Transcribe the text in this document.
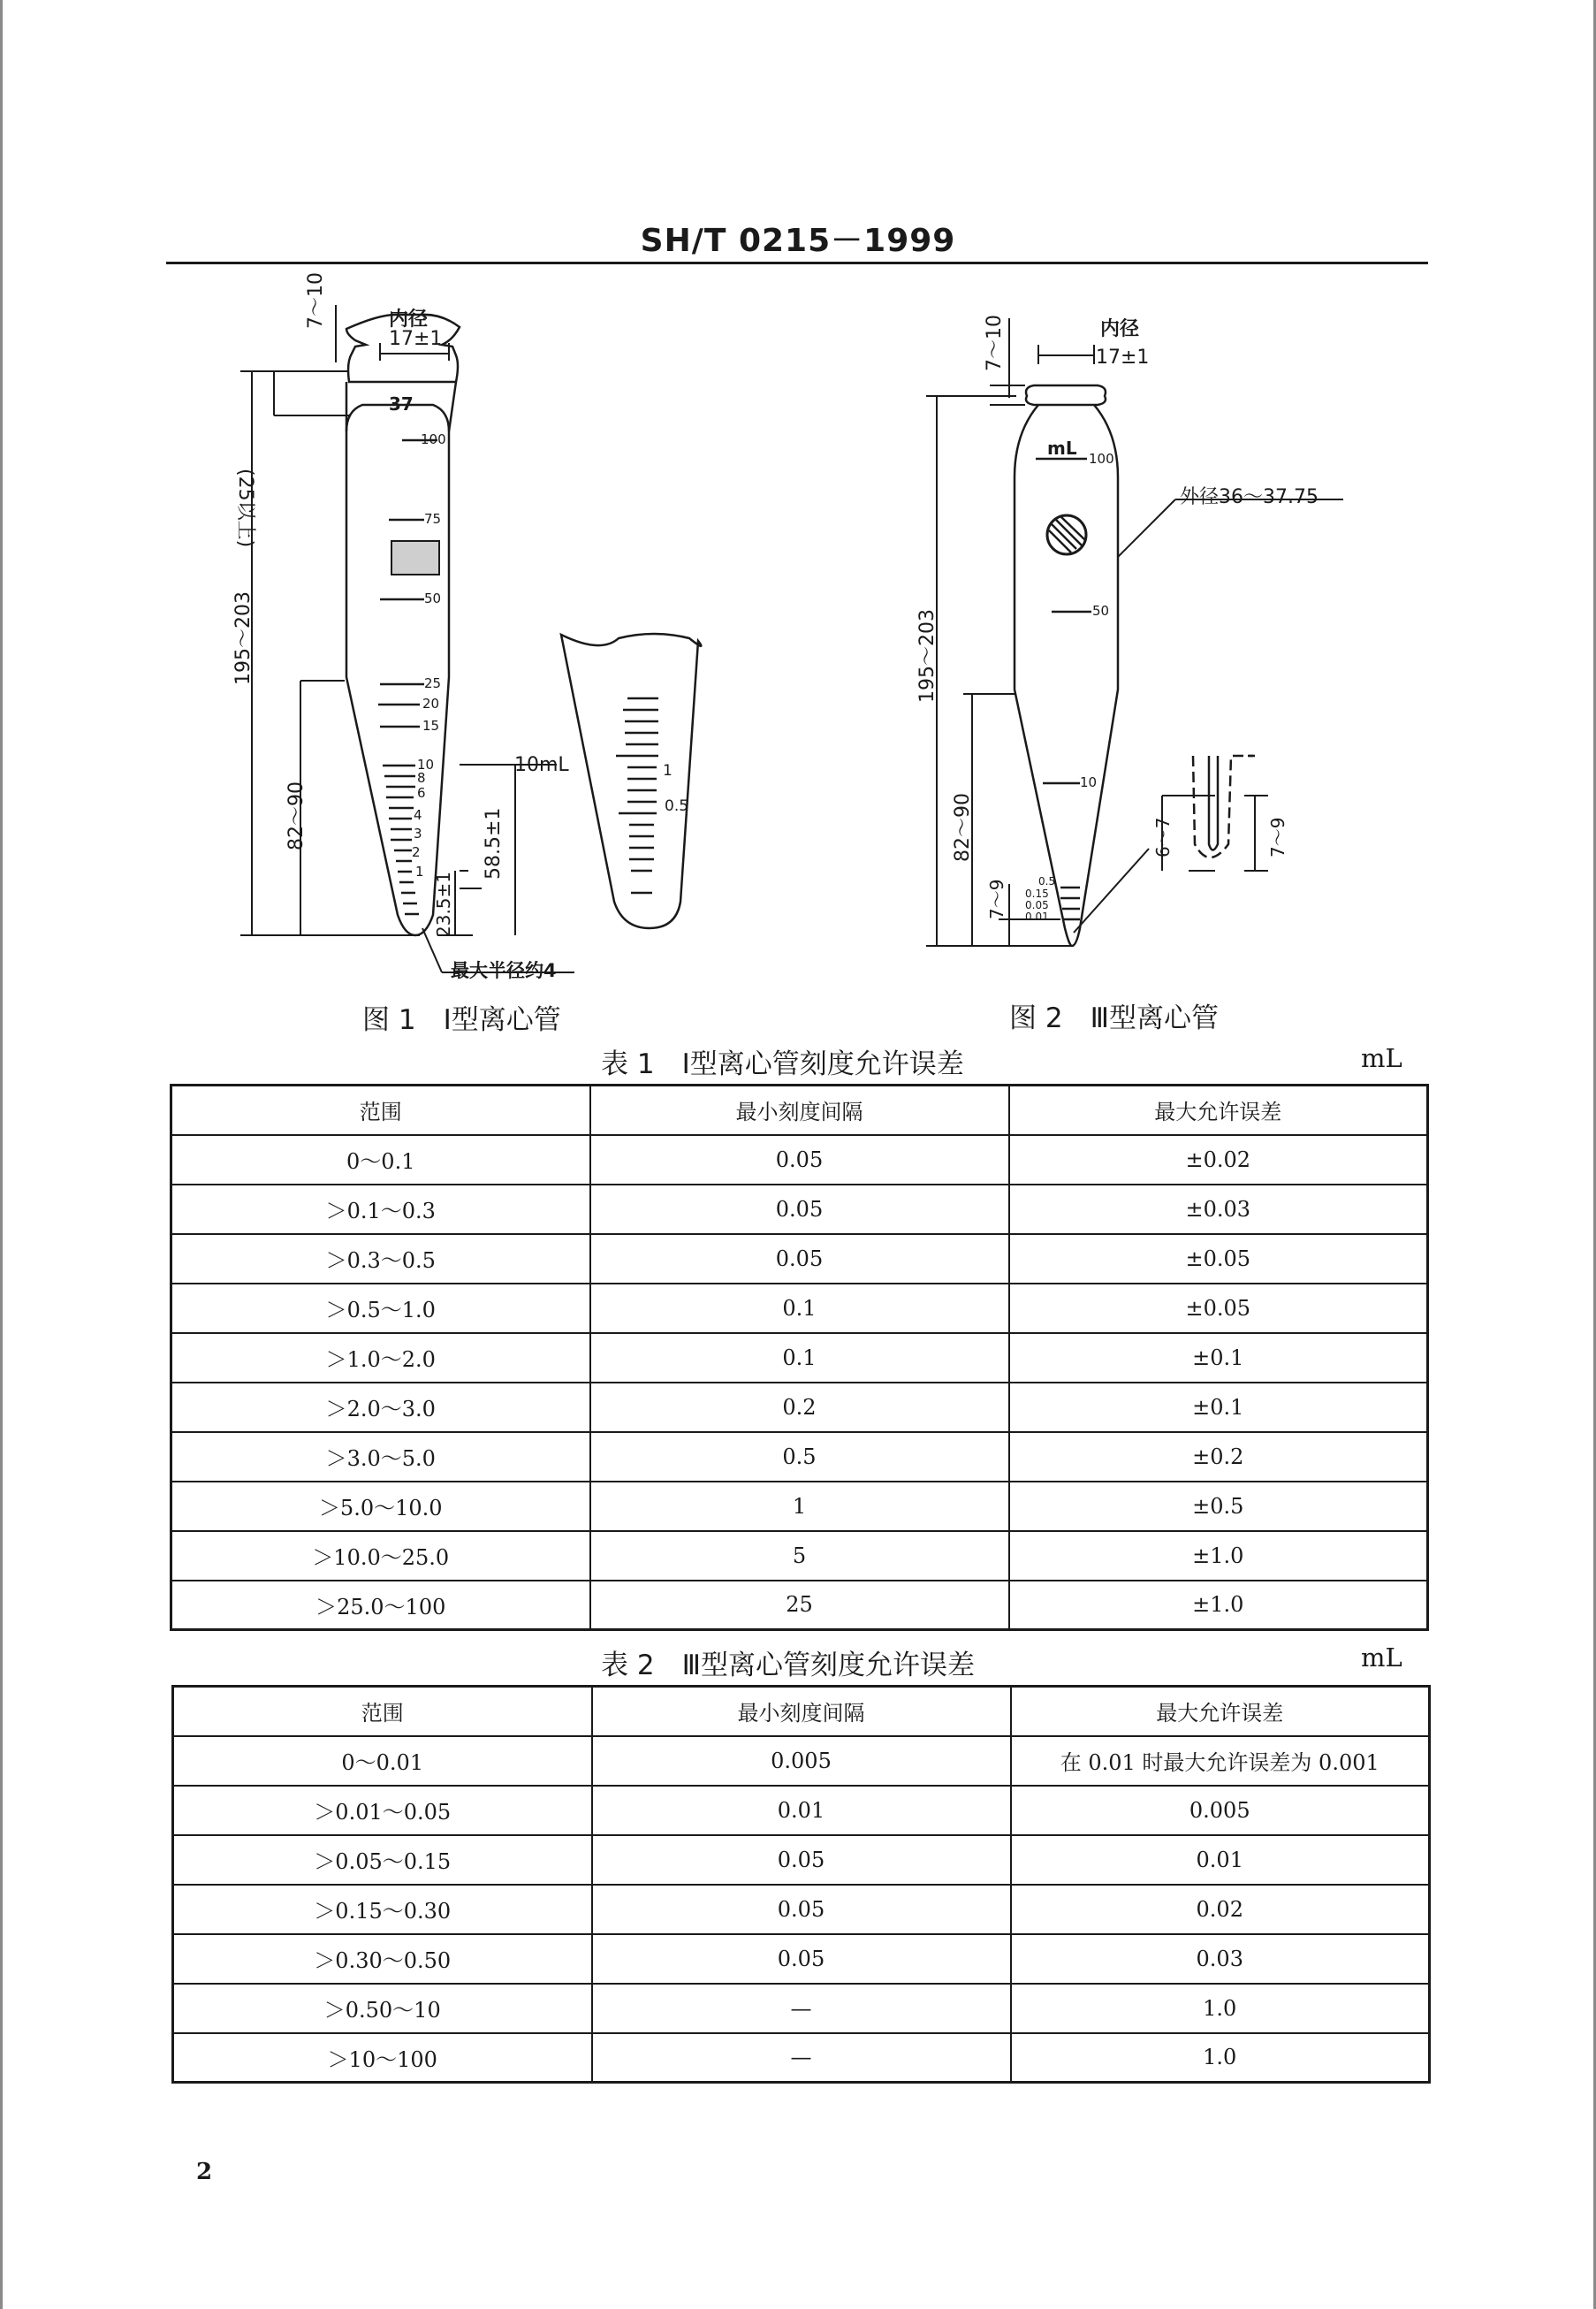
SH/T 0215－1999
7～10	内径
17±1
37
(25以上)
195～203
82～90
10mL
58.5±1
23.5±1
最大半径约4
100
75
50
25
20
15
10
8
6
4
3
2
1
1
0.5
图 1　Ⅰ型离心管
7～10	内径
17±1
mL
外径36～37.75
195～203
82～90
7～9
6～7	7～9
100
50
10
0.5
0.15
0.05
0.01
图 2　Ⅲ型离心管
表 1　Ⅰ型离心管刻度允许误差	mL
范围	最小刻度间隔	最大允许误差
0～0.1	0.05	±0.02
＞0.1～0.3	0.05	±0.03
＞0.3～0.5	0.05	±0.05
＞0.5～1.0	0.1	±0.05
＞1.0～2.0	0.1	±0.1
＞2.0～3.0	0.2	±0.1
＞3.0～5.0	0.5	±0.2
＞5.0～10.0	1	±0.5
＞10.0～25.0	5	±1.0
＞25.0～100	25	±1.0
表 2　Ⅲ型离心管刻度允许误差	mL
范围	最小刻度间隔	最大允许误差
0～0.01	0.005	在 0.01 时最大允许误差为 0.001
＞0.01～0.05	0.01	0.005
＞0.05～0.15	0.05	0.01
＞0.15～0.30	0.05	0.02
＞0.30～0.50	0.05	0.03
＞0.50～10	—	1.0
＞10～100	—	1.0
2
